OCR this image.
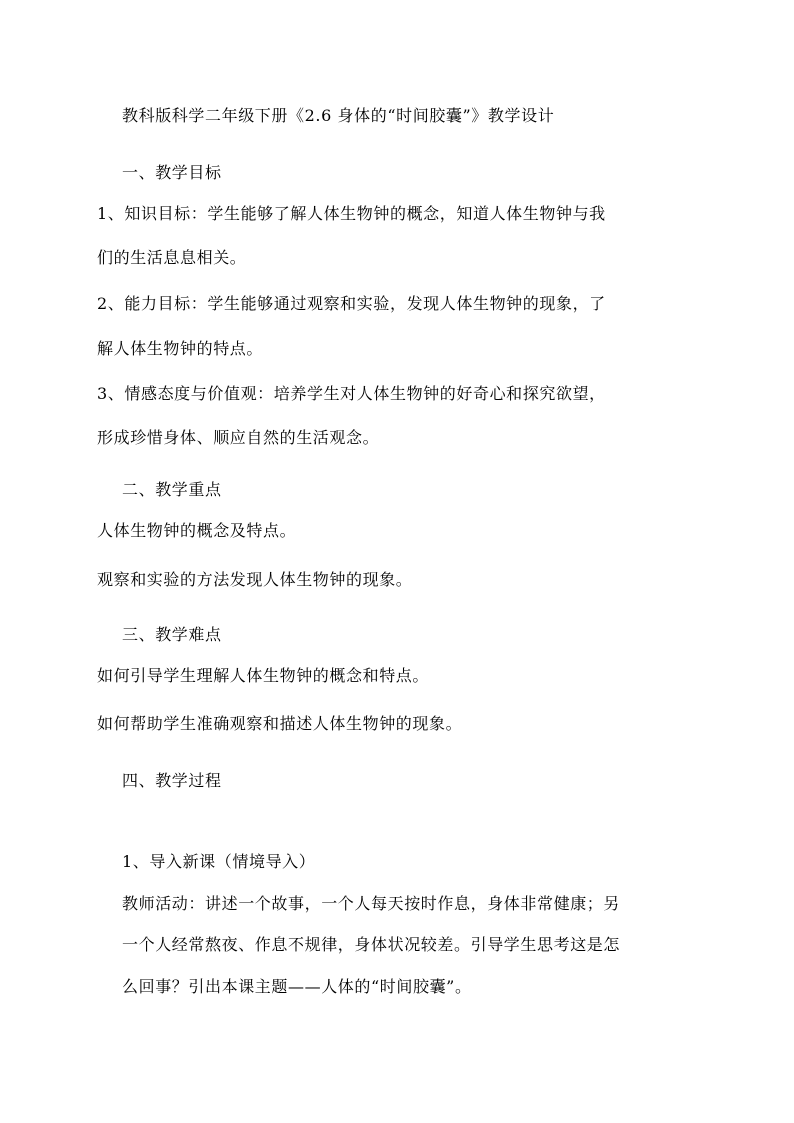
教科版科学二年级下册《2.6 身体的“时间胶囊”》教学设计
一、教学目标
1、知识目标：学生能够了解人体生物钟的概念，知道人体生物钟与我
们的生活息息相关。
2、能力目标：学生能够通过观察和实验，发现人体生物钟的现象，了
解人体生物钟的特点。
3、情感态度与价值观：培养学生对人体生物钟的好奇心和探究欲望，
形成珍惜身体、顺应自然的生活观念。
二、教学重点
人体生物钟的概念及特点。
观察和实验的方法发现人体生物钟的现象。
三、教学难点
如何引导学生理解人体生物钟的概念和特点。
如何帮助学生准确观察和描述人体生物钟的现象。
四、教学过程
1、导入新课（情境导入）
教师活动：讲述一个故事，一个人每天按时作息，身体非常健康；另
一个人经常熬夜、作息不规律，身体状况较差。引导学生思考这是怎
么回事？引出本课主题——人体的“时间胶囊”。
